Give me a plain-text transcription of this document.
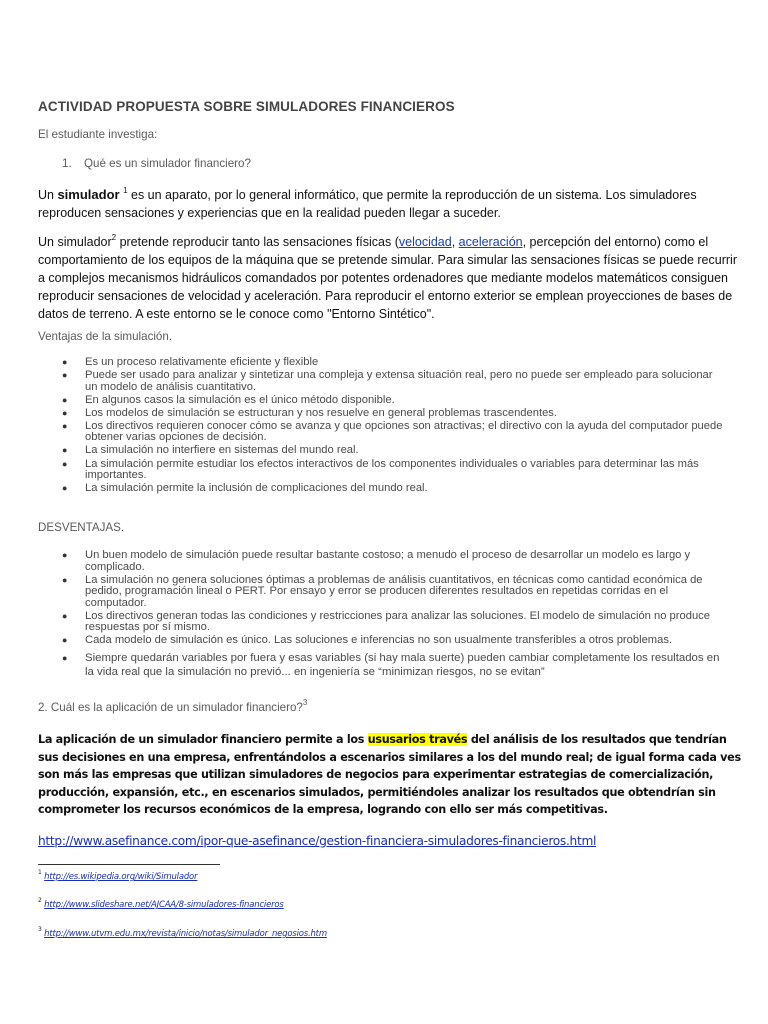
ACTIVIDAD PROPUESTA SOBRE SIMULADORES FINANCIEROS
El estudiante investiga:
1. Qué es un simulador financiero?
Un simulador $^1$ es un aparato, por lo general informático, que permite la reproducción de un sistema. Los simuladores reproducen sensaciones y experiencias que en la realidad pueden llegar a suceder.
Un simulador$^2$ pretende reproducir tanto las sensaciones físicas (velocidad, aceleración, percepción del entorno) como el comportamiento de los equipos de la máquina que se pretende simular. Para simular las sensaciones físicas se puede recurrir a complejos mecanismos hidráulicos comandados por potentes ordenadores que mediante modelos matemáticos consiguen reproducir sensaciones de velocidad y aceleración. Para reproducir el entorno exterior se emplean proyecciones de bases de datos de terreno. A este entorno se le conoce como "Entorno Sintético".
Ventajas de la simulación.
● Es un proceso relativamente eficiente y flexible
● Puede ser usado para analizar y sintetizar una compleja y extensa situación real, pero no puede ser empleado para solucionar un modelo de análisis cuantitativo.
● En algunos casos la simulación es el único método disponible.
● Los modelos de simulación se estructuran y nos resuelve en general problemas trascendentes.
● Los directivos requieren conocer cómo se avanza y que opciones son atractivas; el directivo con la ayuda del computador puede obtener varias opciones de decisión.
● La simulación no interfiere en sistemas del mundo real.
● La simulación permite estudiar los efectos interactivos de los componentes individuales o variables para determinar las más importantes.
● La simulación permite la inclusión de complicaciones del mundo real.
DESVENTAJAS.
● Un buen modelo de simulación puede resultar bastante costoso; a menudo el proceso de desarrollar un modelo es largo y complicado.
● La simulación no genera soluciones óptimas a problemas de análisis cuantitativos, en técnicas como cantidad económica de pedido, programación lineal o PERT. Por ensayo y error se producen diferentes resultados en repetidas corridas en el computador.
● Los directivos generan todas las condiciones y restricciones para analizar las soluciones. El modelo de simulación no produce respuestas por sí mismo.
● Cada modelo de simulación es único. Las soluciones e inferencias no son usualmente transferibles a otros problemas.
● Siempre quedarán variables por fuera y esas variables (si hay mala suerte) pueden cambiar completamente los resultados en la vida real que la simulación no previó... en ingeniería se “minimizan riesgos, no se evitan”
2. Cuál es la aplicación de un simulador financiero?$^3$
La aplicación de un simulador financiero permite a los ususarios través del análisis de los resultados que tendrían sus decisiones en una empresa, enfrentándolos a escenarios similares a los del mundo real; de igual forma cada ves son más las empresas que utilizan simuladores de negocios para experimentar estrategias de comercialización, producción, expansión, etc., en escenarios simulados, permitiéndoles analizar los resultados que obtendrían sin comprometer los recursos económicos de la empresa, logrando con ello ser más competitivas.
http://www.asefinance.com/ipor-que-asefinance/gestion-financiera-simuladores-financieros.html
$^1$ http://es.wikipedia.org/wiki/Simulador
$^2$ http://www.slideshare.net/AJCAA/8-simuladores-financieros
$^3$ http://www.utvm.edu.mx/revista/inicio/notas/simulador_negosios.htm
